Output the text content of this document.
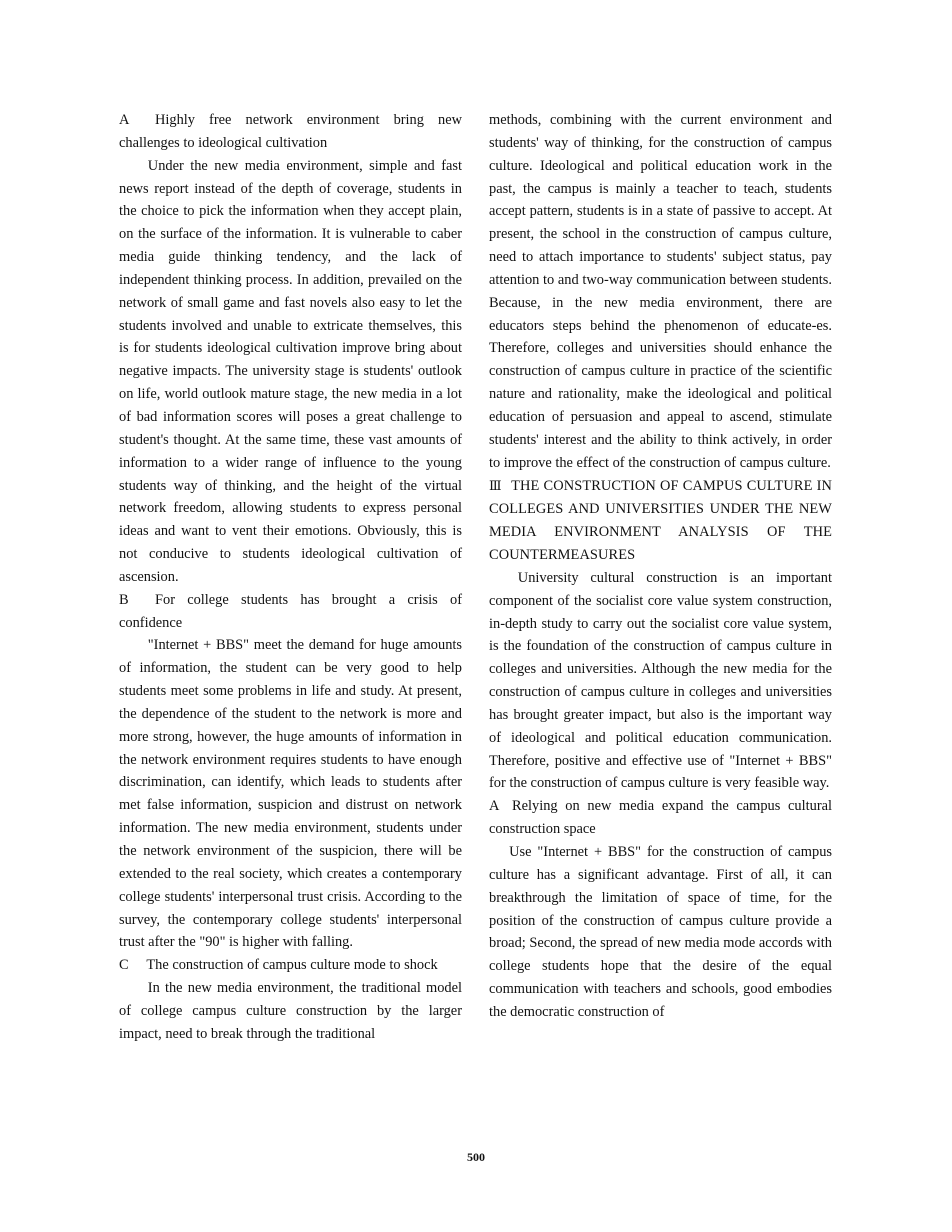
A Highly free network environment bring new challenges to ideological cultivation

Under the new media environment, simple and fast news report instead of the depth of coverage, students in the choice to pick the information when they accept plain, on the surface of the information. It is vulnerable to caber media guide thinking tendency, and the lack of independent thinking process. In addition, prevailed on the network of small game and fast novels also easy to let the students involved and unable to extricate themselves, this is for students ideological cultivation improve bring about negative impacts. The university stage is students' outlook on life, world outlook mature stage, the new media in a lot of bad information scores will poses a great challenge to student's thought. At the same time, these vast amounts of information to a wider range of influence to the young students way of thinking, and the height of the virtual network freedom, allowing students to express personal ideas and want to vent their emotions. Obviously, this is not conducive to students ideological cultivation of ascension.

B For college students has brought a crisis of confidence

"Internet + BBS" meet the demand for huge amounts of information, the student can be very good to help students meet some problems in life and study. At present, the dependence of the student to the network is more and more strong, however, the huge amounts of information in the network environment requires students to have enough discrimination, can identify, which leads to students after met false information, suspicion and distrust on network information. The new media environment, students under the network environment of the suspicion, there will be extended to the real society, which creates a contemporary college students' interpersonal trust crisis. According to the survey, the contemporary college students' interpersonal trust after the "90" is higher with falling.

C The construction of campus culture mode to shock

In the new media environment, the traditional model of college campus culture construction by the larger impact, need to break through the traditional

methods, combining with the current environment and students' way of thinking, for the construction of campus culture. Ideological and political education work in the past, the campus is mainly a teacher to teach, students accept pattern, students is in a state of passive to accept. At present, the school in the construction of campus culture, need to attach importance to students' subject status, pay attention to and two-way communication between students. Because, in the new media environment, there are educators steps behind the phenomenon of educate-es. Therefore, colleges and universities should enhance the construction of campus culture in practice of the scientific nature and rationality, make the ideological and political education of persuasion and appeal to ascend, stimulate students' interest and the ability to think actively, in order to improve the effect of the construction of campus culture.

Ⅲ THE CONSTRUCTION OF CAMPUS CULTURE IN COLLEGES AND UNIVERSITIES UNDER THE NEW MEDIA ENVIRONMENT ANALYSIS OF THE COUNTERMEASURES

University cultural construction is an important component of the socialist core value system construction, in-depth study to carry out the socialist core value system, is the foundation of the construction of campus culture in colleges and universities. Although the new media for the construction of campus culture in colleges and universities has brought greater impact, but also is the important way of ideological and political education communication. Therefore, positive and effective use of "Internet + BBS" for the construction of campus culture is very feasible way.

A Relying on new media expand the campus cultural construction space

Use "Internet + BBS" for the construction of campus culture has a significant advantage. First of all, it can breakthrough the limitation of space of time, for the position of the construction of campus culture provide a broad; Second, the spread of new media mode accords with college students hope that the desire of the equal communication with teachers and schools, good embodies the democratic construction of

500
